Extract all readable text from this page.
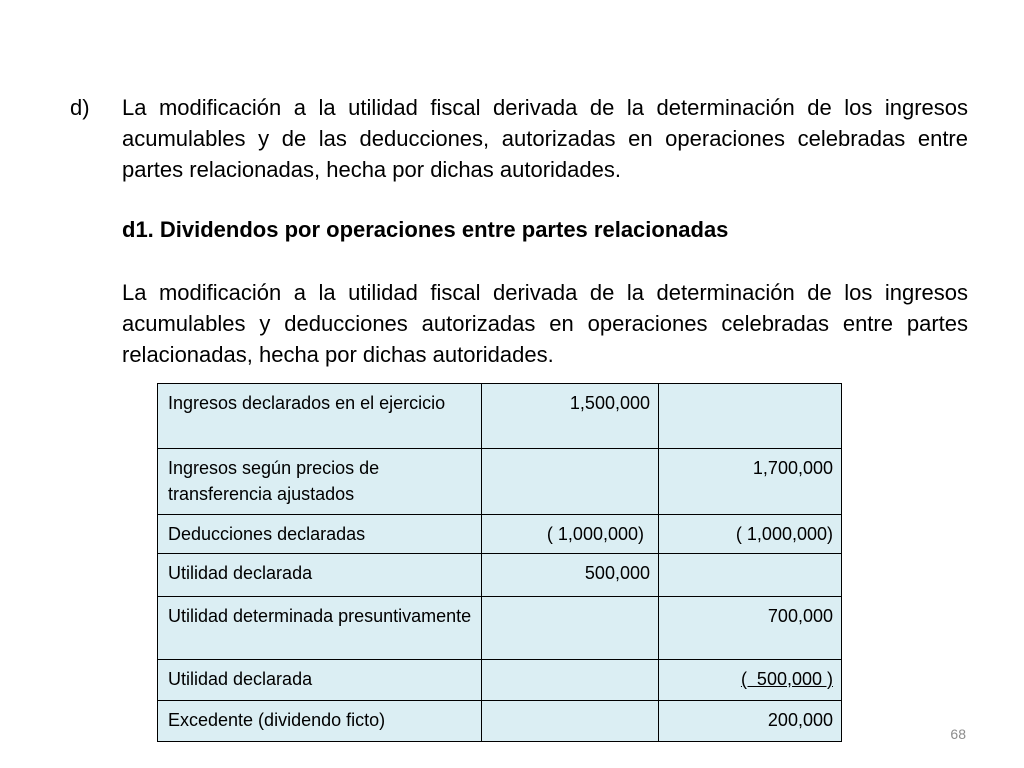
d) La modificación a la utilidad fiscal derivada de la determinación de los ingresos acumulables y de las deducciones, autorizadas en operaciones celebradas entre partes relacionadas, hecha por dichas autoridades.
d1. Dividendos por operaciones entre partes relacionadas
La modificación a la utilidad fiscal derivada de la determinación de los ingresos acumulables y deducciones autorizadas en operaciones celebradas entre partes relacionadas, hecha por dichas autoridades.
Ingresos declarados en el ejercicio	1,500,000	
Ingresos según precios de transferencia ajustados		1,700,000
Deducciones declaradas	( 1,000,000)	( 1,000,000)
Utilidad declarada	500,000	
Utilidad determinada presuntivamente		700,000
Utilidad declarada		(  500,000 )
Excedente (dividendo ficto)		200,000
68
